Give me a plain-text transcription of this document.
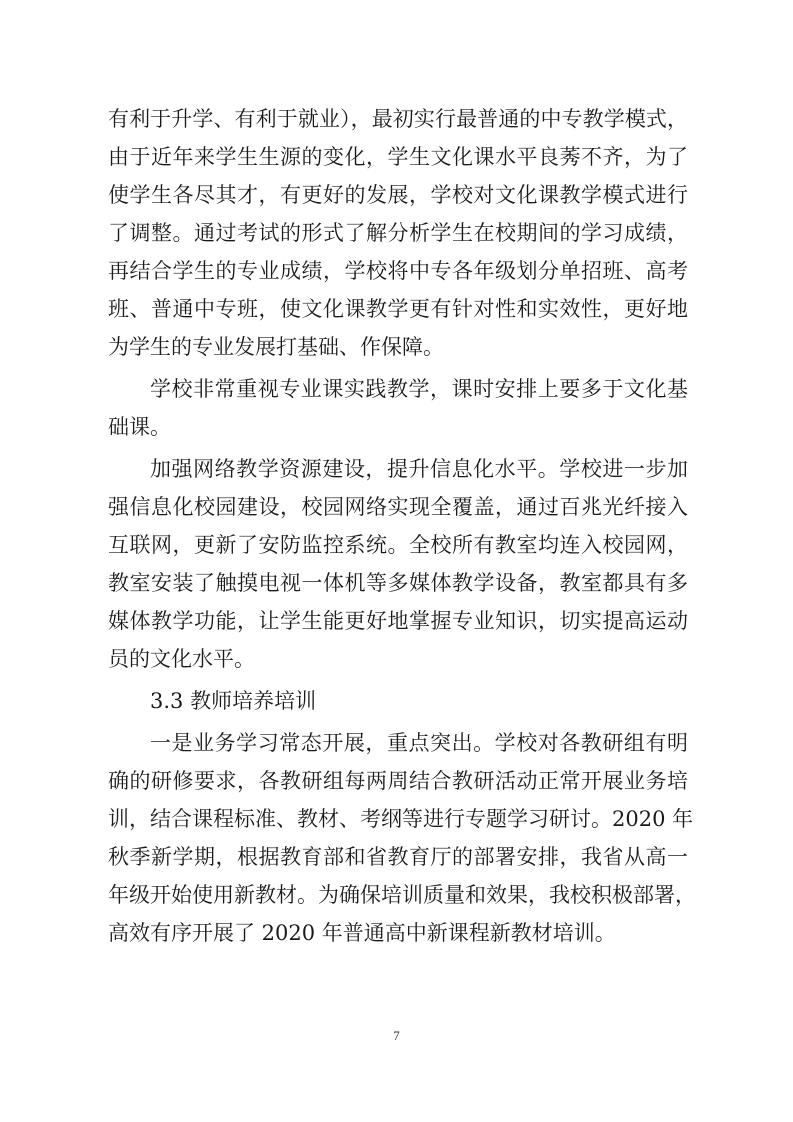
有利于升学、有利于就业），最初实行最普通的中专教学模式，
由于近年来学生生源的变化，学生文化课水平良莠不齐，为了
使学生各尽其才，有更好的发展，学校对文化课教学模式进行
了调整。通过考试的形式了解分析学生在校期间的学习成绩，
再结合学生的专业成绩，学校将中专各年级划分单招班、高考
班、普通中专班，使文化课教学更有针对性和实效性，更好地
为学生的专业发展打基础、作保障。
学校非常重视专业课实践教学，课时安排上要多于文化基
础课。
加强网络教学资源建设，提升信息化水平。学校进一步加
强信息化校园建设，校园网络实现全覆盖，通过百兆光纤接入
互联网，更新了安防监控系统。全校所有教室均连入校园网，
教室安装了触摸电视一体机等多媒体教学设备，教室都具有多
媒体教学功能，让学生能更好地掌握专业知识，切实提高运动
员的文化水平。
3.3 教师培养培训
一是业务学习常态开展，重点突出。学校对各教研组有明
确的研修要求，各教研组每两周结合教研活动正常开展业务培
训，结合课程标准、教材、考纲等进行专题学习研讨。2020 年
秋季新学期，根据教育部和省教育厅的部署安排，我省从高一
年级开始使用新教材。为确保培训质量和效果，我校积极部署，
高效有序开展了 2020 年普通高中新课程新教材培训。
7
